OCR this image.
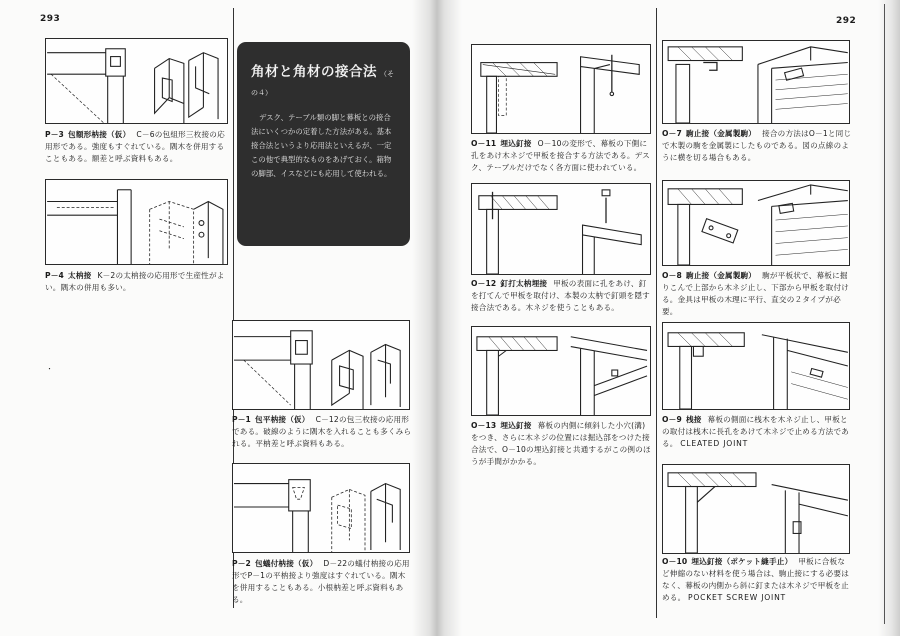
293	292
P－3 包額形枘接（仮） C－6の包組形三枚接の応用形である。強度もすぐれている。隅木を併用することもある。額差と呼ぶ資料もある。
P－4 太枘接 K－2の太枘接の応用形で生産性がよい。隅木の併用も多い。
・
角材と角材の接合法 （その４）
デスク、テーブル類の脚と幕板との接合法にいくつかの定着した方法がある。基本接合法というより応用法といえるが、一定この他で典型的なものをあげておく。箱物の脚部、イスなどにも応用して使われる。
P－1 包平枘接（仮） C－12の包三枚接の応用形である。破線のように隅木を入れることも多くみられる。平枘差と呼ぶ資料もある。
P－2 包蟻付枘接（仮） D－22の蟻付枘接の応用形でP－1の平枘接より強度はすぐれている。隅木を併用することもある。小根枘差と呼ぶ資料もある。
O－11 埋込釘接 O－10の変形で、幕板の下側に孔をあけ木ネジで甲板を接合する方法である。デスク、テーブルだけでなく各方面に使われている。
O－12 釘打太枘埋接 甲板の表面に孔をあけ、釘を打てんで甲板を取付け、本製の太枘で釘頭を隠す接合法である。木ネジを使うこともある。
O－13 埋込釘接 幕板の内側に傾斜した小穴(溝)をつき、さらに木ネジの位置には掘込部をつけた接合法で、O－10の埋込釘接と共通するがこの例のほうが手間がかかる。
O－7 駒止接（金属製駒） 接合の方法はO－1と同じで木製の駒を金属製にしたものである。図の点線のように横を切る場合もある。
O－8 駒止接（金属製駒） 駒が平板状で、幕板に掘りこんで上部から木ネジ止し、下部から甲板を取付ける。金具は甲板の木理に平行、直交の２タイプが必要。
O－9 桟接 幕板の側面に桟木を木ネジ止し、甲板との取付は桟木に長孔をあけて木ネジで止める方法である。 CLEATED JOINT
O－10 埋込釘接（ポケット縫手止） 甲板に合板など伸縮のない材料を使う場合は、駒止接にする必要はなく、幕板の内側から斜に釘または木ネジで甲板を止める。 POCKET SCREW JOINT
